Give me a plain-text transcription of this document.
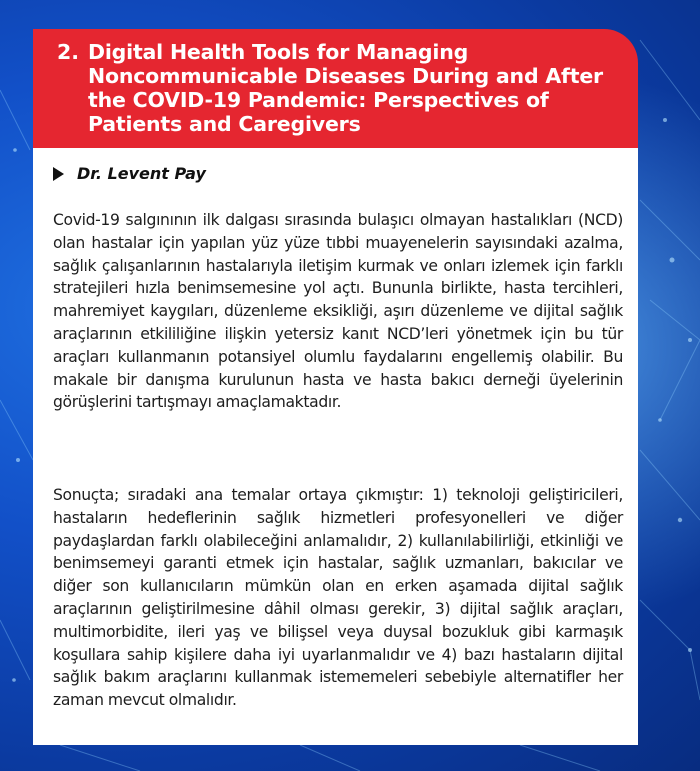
2. Digital Health Tools for Managing Noncommunicable Diseases During and After the COVID-19 Pandemic: Perspectives of Patients and Caregivers
Dr. Levent Pay

Covid-19 salgınının ilk dalgası sırasında bulaşıcı olmayan hastalıkları (NCD) olan hastalar için yapılan yüz yüze tıbbi muayenelerin sayısındaki azalma, sağlık çalışanlarının hastalarıyla iletişim kurmak ve onları izlemek için farklı stratejileri hızla benimsemesine yol açtı. Bununla birlikte, hasta tercihleri, mahremiyet kaygıları, düzenleme eksikliği, aşırı düzenleme ve dijital sağlık araçlarının etkililiğine ilişkin yetersiz kanıt NCD’leri yönetmek için bu tür araçları kullanmanın potansiyel olumlu faydalarını engellemiş olabilir. Bu makale bir danışma kurulunun hasta ve hasta bakıcı derneği üyelerinin görüşlerini tartışmayı amaçlamaktadır.

Sonuçta; sıradaki ana temalar ortaya çıkmıştır: 1) teknoloji geliştiricileri, hastaların hedeflerinin sağlık hizmetleri profesyonelleri ve diğer paydaşlardan farklı olabileceğini anlamalıdır, 2) kullanılabilirliği, etkinliği ve benimsemeyi garanti etmek için hastalar, sağlık uzmanları, bakıcılar ve diğer son kullanıcıların mümkün olan en erken aşamada dijital sağlık araçlarının geliştirilmesine dâhil olması gerekir, 3) dijital sağlık araçları, multimorbidite, ileri yaş ve bilişsel veya duysal bozukluk gibi karmaşık koşullara sahip kişilere daha iyi uyarlanmalıdır ve 4) bazı hastaların dijital sağlık bakım araçlarını kullanmak istememeleri sebebiyle alternatifler her zaman mevcut olmalıdır.
